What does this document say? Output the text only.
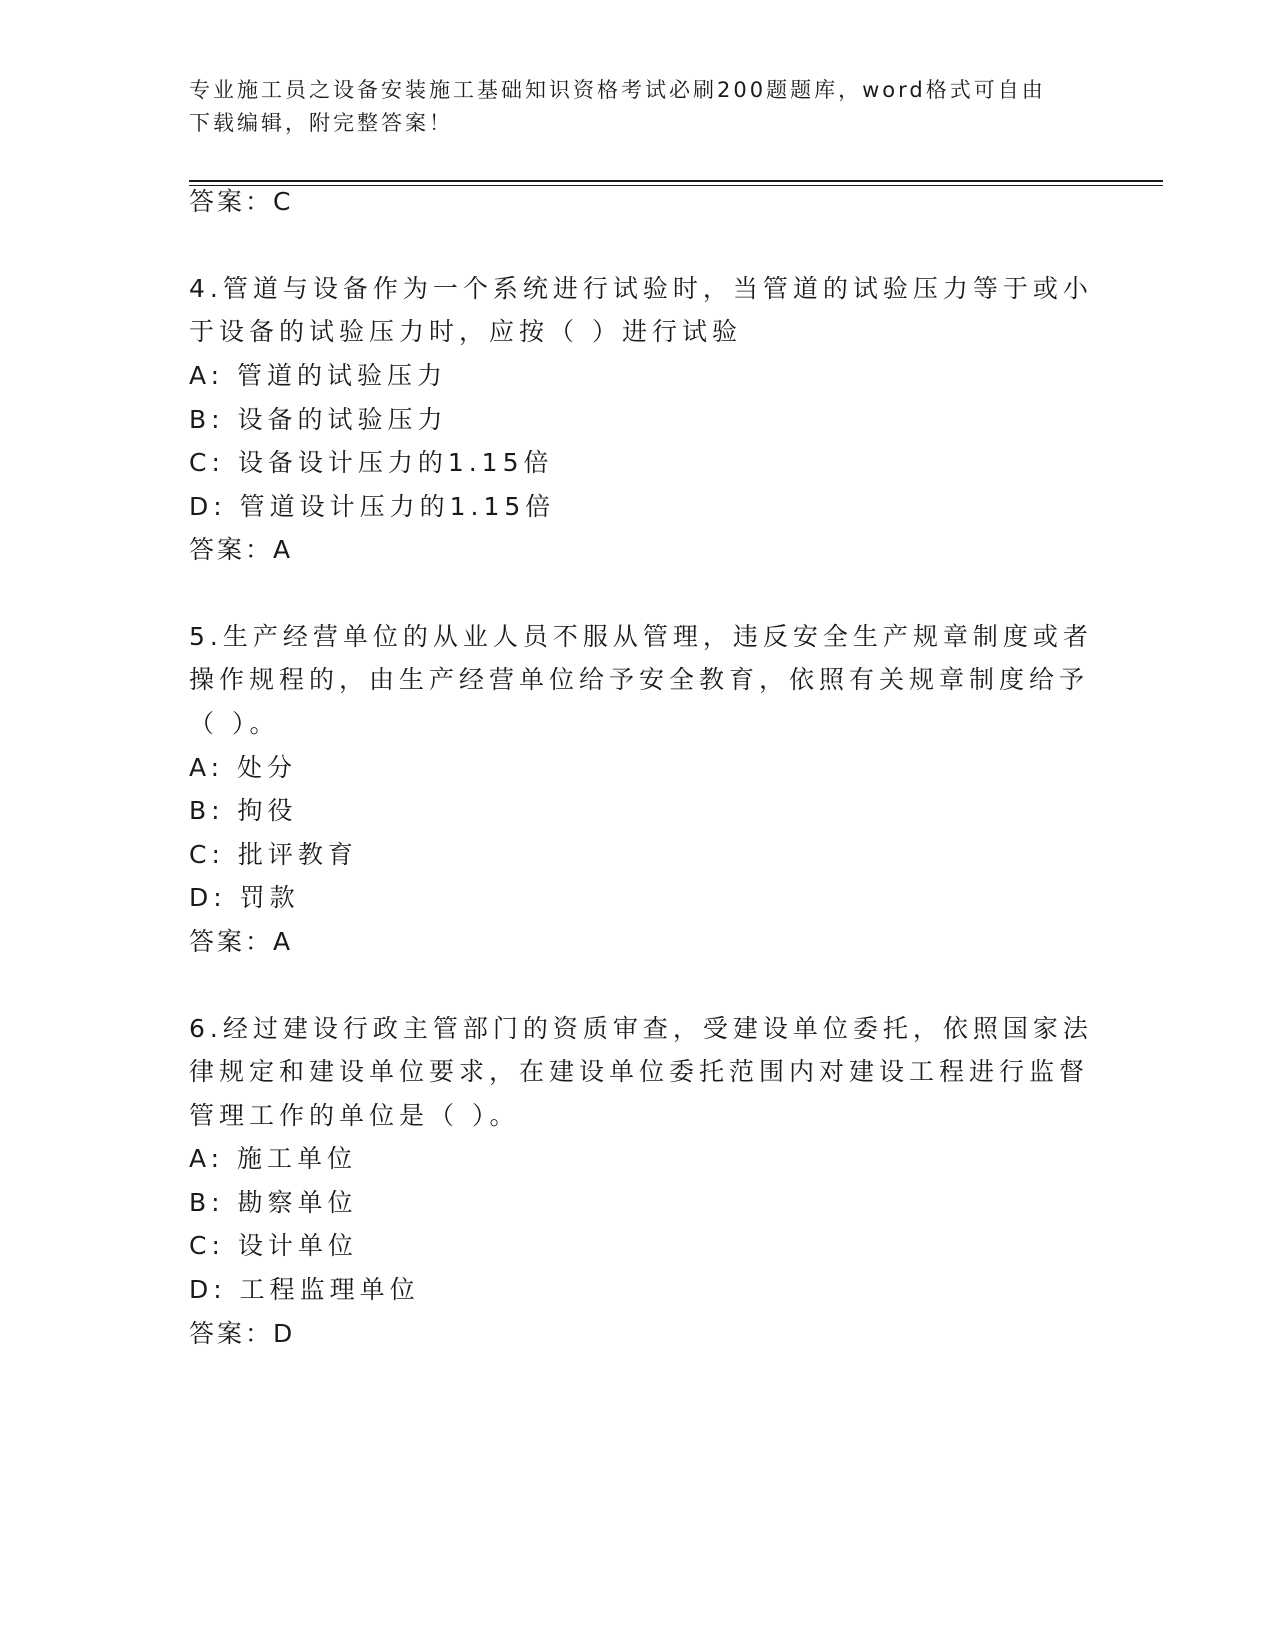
专业施工员之设备安装施工基础知识资格考试必刷200题题库，word格式可自由下载编辑，附完整答案！
答案：C
4.管道与设备作为一个系统进行试验时，当管道的试验压力等于或小
于设备的试验压力时，应按（ ）进行试验
A: 管道的试验压力
B: 设备的试验压力
C: 设备设计压力的1.15倍
D: 管道设计压力的1.15倍
答案：A
5.生产经营单位的从业人员不服从管理，违反安全生产规章制度或者
操作规程的，由生产经营单位给予安全教育，依照有关规章制度给予
（ ）。
A: 处分
B: 拘役
C: 批评教育
D: 罚款
答案：A
6.经过建设行政主管部门的资质审查，受建设单位委托，依照国家法
律规定和建设单位要求，在建设单位委托范围内对建设工程进行监督
管理工作的单位是（ ）。
A: 施工单位
B: 勘察单位
C: 设计单位
D: 工程监理单位
答案：D
